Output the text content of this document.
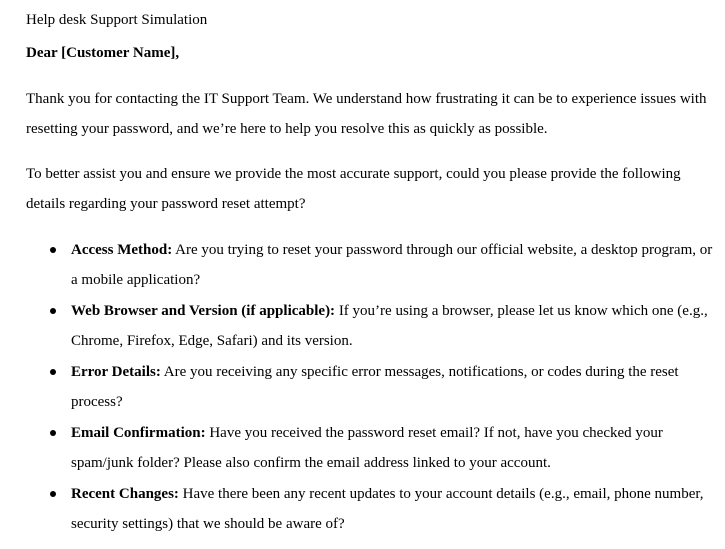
Help desk Support Simulation
Dear [Customer Name],

Thank you for contacting the IT Support Team. We understand how frustrating it can be to experience issues with resetting your password, and we’re here to help you resolve this as quickly as possible.

To better assist you and ensure we provide the most accurate support, could you please provide the following details regarding your password reset attempt?

Access Method: Are you trying to reset your password through our official website, a desktop program, or a mobile application?
Web Browser and Version (if applicable): If you’re using a browser, please let us know which one (e.g., Chrome, Firefox, Edge, Safari) and its version.
Error Details: Are you receiving any specific error messages, notifications, or codes during the reset process?
Email Confirmation: Have you received the password reset email? If not, have you checked your spam/junk folder? Please also confirm the email address linked to your account.
Recent Changes: Have there been any recent updates to your account details (e.g., email, phone number, security settings) that we should be aware of?
